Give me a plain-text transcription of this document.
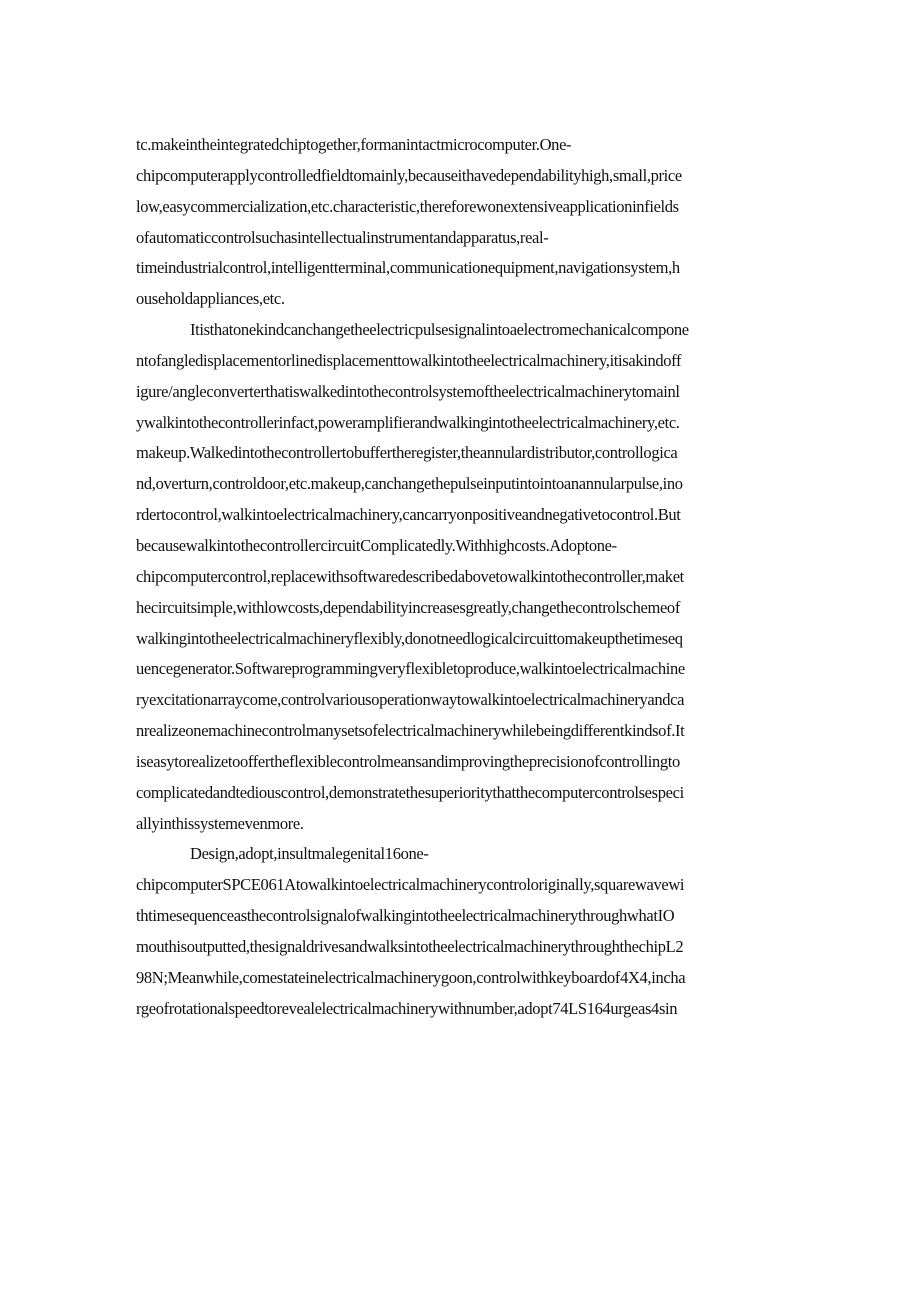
tc.makeintheintegratedchiptogether,formanintactmicrocomputer.One-
chipcomputerapplycontrolledfieldtomainly,becauseithavedependabilityhigh,small,price
low,easycommercialization,etc.characteristic,thereforewonextensiveapplicationinfields
ofautomaticcontrolsuchasintellectualinstrumentandapparatus,real-
timeindustrialcontrol,intelligentterminal,communicationequipment,navigationsystem,h
ouseholdappliances,etc.
Itisthatonekindcanchangetheelectricpulsesignalintoaelectromechanicalcompone
ntofangledisplacementorlinedisplacementtowalkintotheelectricalmachinery,itisakindoff
igure/angleconverterthatiswalkedintothecontrolsystemoftheelectricalmachinerytomainl
ywalkintothecontrollerinfact,poweramplifierandwalkingintotheelectricalmachinery,etc.
makeup.Walkedintothecontrollertobuffertheregister,theannulardistributor,controllogica
nd,overturn,controldoor,etc.makeup,canchangethepulseinputintointoanannularpulse,ino
rdertocontrol,walkintoelectricalmachinery,cancarryonpositiveandnegativetocontrol.But
becausewalkintothecontrollercircuitComplicatedly.Withhighcosts.Adoptone-
chipcomputercontrol,replacewithsoftwaredescribedabovetowalkintothecontroller,maket
hecircuitsimple,withlowcosts,dependabilityincreasesgreatly,changethecontrolschemeof
walkingintotheelectricalmachineryflexibly,donotneedlogicalcircuittomakeupthetimeseq
uencegenerator.Softwareprogrammingveryflexibletoproduce,walkintoelectricalmachine
ryexcitationarraycome,controlvariousoperationwaytowalkintoelectricalmachineryandca
nrealizeonemachinecontrolmanysetsofelectricalmachinerywhilebeingdifferentkindsof.It
iseasytorealizetooffertheflexiblecontrolmeansandimprovingtheprecisionofcontrollingto
complicatedandtediouscontrol,demonstratethesuperioritythatthecomputercontrolsespeci
allyinthissystemevenmore.
Design,adopt,insultmalegenital16one-
chipcomputerSPCE061Atowalkintoelectricalmachinerycontroloriginally,squarewavewi
thtimesequenceasthecontrolsignalofwalkingintotheelectricalmachinerythroughwhatIO
mouthisoutputted,thesignaldrivesandwalksintotheelectricalmachinerythroughthechipL2
98N;Meanwhile,comestateinelectricalmachinerygoon,controlwithkeyboardof4X4,incha
rgeofrotationalspeedtorevealelectricalmachinerywithnumber,adopt74LS164urgeas4sin
